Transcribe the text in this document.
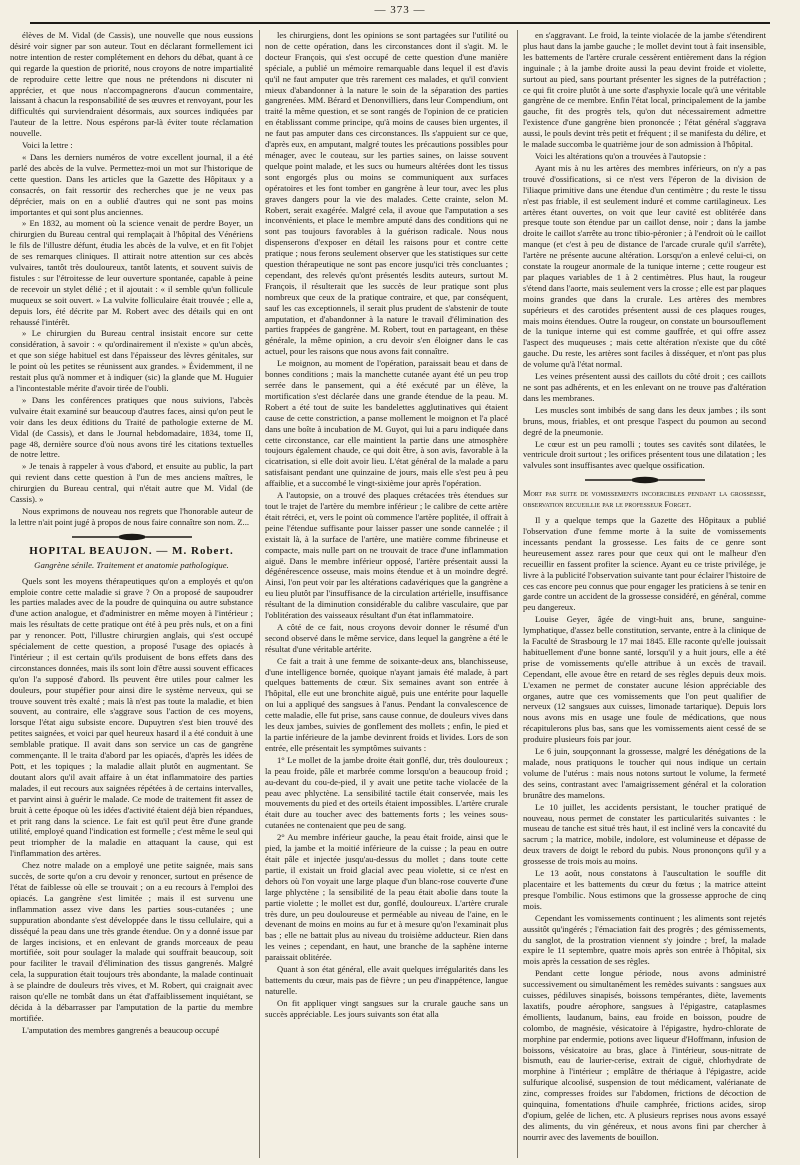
— 373 —

élèves de M. Vidal (de Cassis), une nouvelle que nous eussions désiré voir signer par son auteur. Tout en déclarant formellement ici notre intention de rester complétement en dehors du débat, quant à ce qui regarde la question de priorité, nous croyons de notre impartialité de reproduire cette lettre que nous ne prétendons ni discuter ni apprécier, et que nous n'accompagnerons d'aucun commentaire, laissant à chacun la responsabilité de ses œuvres et renvoyant, pour les difficultés qui surviendraient désormais, aux sources indiquées par l'auteur de la lettre. Nous espérons par-là éviter toute réclamation nouvelle.

Voici la lettre :

« Dans les derniers numéros de votre excellent journal, il a été parlé des abcès de la vulve. Permettez-moi un mot sur l'historique de cette question. Dans les articles que la Gazette des Hôpitaux y a consacrés, on fait ressortir des recherches que je ne veux pas déprécier, mais on en a oublié d'autres qui ne sont pas moins importantes et qui sont plus anciennes.

» En 1832, au moment où la science venait de perdre Boyer, un chirurgien du Bureau central qui remplaçait à l'hôpital des Vénériens le fils de l'illustre défunt, étudia les abcès de la vulve, et en fit l'objet de ses remarques cliniques. Il attirait notre attention sur ces abcès vulvaires, tantôt très douloureux, tantôt latents, et souvent suivis de fistules : sur l'étroitesse de leur ouverture spontanée, capable à peine de recevoir un stylet délié ; et il ajoutait : « il semble qu'un follicule muqueux se soit ouvert. » La vulvite folliculaire était trouvée ; elle a, depuis lors, été décrite par M. Robert avec des détails qui en ont rehaussé l'intérêt.

» Le chirurgien du Bureau central insistait encore sur cette considération, à savoir : « qu'ordinairement il n'existe » qu'un abcès, et que son siége habituel est dans l'épaisseur des lèvres génitales, sur le point où les petites se réunissent aux grandes. » Évidemment, il ne restait plus qu'à nommer et à indiquer (sic) la glande que M. Huguier a l'incontestable mérite d'avoir tirée de l'oubli.

» Dans les conférences pratiques que nous suivions, l'abcès vulvaire était examiné sur beaucoup d'autres faces, ainsi qu'on peut le voir dans les deux éditions du Traité de pathologie externe de M. Vidal (de Cassis), et dans le Journal hebdomadaire, 1834, tome II, page 48, dernière source d'où nous avons tiré les citations textuelles de notre lettre.

» Je tenais à rappeler à vous d'abord, et ensuite au public, la part qui revient dans cette question à l'un de mes anciens maîtres, le chirurgien du Bureau central, qui n'était autre que M. Vidal (de Cassis). »

Nous exprimons de nouveau nos regrets que l'honorable auteur de la lettre n'ait point jugé à propos de nous faire connaître son nom. Z...

HOPITAL BEAUJON. — M. Robert.
Gangrène sénile. Traitement et anatomie pathologique.

Quels sont les moyens thérapeutiques qu'on a employés et qu'on emploie contre cette maladie si grave ? On a proposé de saupoudrer les parties malades avec de la poudre de quinquina ou autre substance d'une action analogue, et d'administrer en même moyen à l'intérieur ; mais les résultats de cette pratique ont été à peu près nuls, et on a fini par y renoncer. Pott, l'illustre chirurgien anglais, qui s'est occupé spécialement de cette question, a proposé l'usage des opiacés à l'intérieur ; il est certain qu'ils produisent de bons effets dans des circonstances données, mais ils sont loin d'être aussi souvent efficaces qu'on l'a supposé d'abord. Ils peuvent être utiles pour calmer les douleurs, pour stupéfier pour ainsi dire le système nerveux, qui se trouve souvent très exalté ; mais là n'est pas toute la maladie, et bien souvent, au contraire, elle s'aggrave sous l'action de ces moyens, lorsque l'état aigu subsiste encore. Dupuytren s'est bien trouvé des petites saignées, et voici par quel heureux hasard il a été conduit à une semblable pratique. Il avait dans son service un cas de gangrène commençante. Il le traita d'abord par les opiacés, d'après les idées de Pott, et les topiques ; la maladie allait plutôt en augmentant. Se doutant alors qu'il avait affaire à un état inflammatoire des parties malades, il eut recours aux saignées répétées à de certains intervalles, et parvint ainsi à guérir le malade. Ce mode de traitement fit assez de bruit à cette époque où les idées d'activité étaient déjà bien répandues, et prit rang dans la science. Le fait est qu'il peut être d'une grande utilité, employé quand l'indication est formelle ; c'est même le seul qui peut triompher de la maladie en attaquant la cause, qui est l'inflammation des artères.

Chez notre malade on a employé une petite saignée, mais sans succès, de sorte qu'on a cru devoir y renoncer, surtout en présence de l'état de faiblesse où elle se trouvait ; on a eu recours à l'emploi des opiacés. La gangrène s'est limitée ; mais il est survenu une inflammation assez vive dans les parties sous-cutanées ; une suppuration abondante s'est développée dans le tissu cellulaire, qui a disséqué la peau dans une très grande étendue. On y a donné issue par de larges incisions, et en enlevant de grands morceaux de peau mortifiée, soit pour soulager la malade qui souffrait beaucoup, soit pour faciliter le travail d'élimination des tissus gangrenés. Malgré cela, la suppuration était toujours très abondante, la malade continuait à se plaindre de douleurs très vives, et M. Robert, qui craignait avec raison qu'elle ne tombât dans un état d'affaiblissement inquiétant, se décida à la débarrasser par l'amputation de la partie du membre mortifiée.

L'amputation des membres gangrenés a beaucoup occupé

les chirurgiens, dont les opinions se sont partagées sur l'utilité ou non de cette opération, dans les circonstances dont il s'agit. M. le docteur François, qui s'est occupé de cette question d'une manière spéciale, a publié un mémoire remarquable dans lequel il est d'avis qu'il ne faut amputer que très rarement ces malades, et qu'il convient mieux d'abandonner à la nature le soin de la séparation des parties gangrenées. MM. Bérard et Denonvilliers, dans leur Compendium, ont traité la même question, et se sont rangés de l'opinion de ce praticien en établissant comme principe, qu'à moins de causes bien urgentes, il ne faut pas amputer dans ces circonstances. Ils s'appuient sur ce que, d'après eux, en amputant, malgré toutes les précautions possibles pour ménager, avec le couteau, sur les parties saines, on laisse souvent quelque point malade, et les sucs ou humeurs altérées dont les tissus sont engorgés plus ou moins se communiquent aux surfaces opératoires et les font tomber en gangrène à leur tour, avec les plus graves dangers pour la vie des malades. Cette crainte, selon M. Robert, serait exagérée. Malgré cela, il avoue que l'amputation a ses inconvénients, et place le membre amputé dans des conditions qui ne sont pas toujours favorables à la guérison radicale. Nous nous dispenserons d'exposer en détail les raisons pour et contre cette pratique ; nous ferons seulement observer que les statistiques sur cette question thérapeutique ne sont pas encore jusqu'ici très concluantes ; cependant, des relevés qu'ont présentés lesdits auteurs, surtout M. François, il résulterait que les succès de leur pratique sont plus nombreux que ceux de la pratique contraire, et que, par conséquent, sauf les cas exceptionnels, il serait plus prudent de s'abstenir de toute amputation, et d'abandonner à la nature le travail d'élimination des parties frappées de gangrène. M. Robert, tout en partageant, en thèse générale, la même opinion, a cru devoir s'en éloigner dans le cas actuel, pour les raisons que nous avons fait connaître.

Le moignon, au moment de l'opération, paraissait beau et dans de bonnes conditions ; mais la manchette cutanée ayant été un peu trop serrée dans le pansement, qui a été exécuté par un élève, la mortification s'est déclarée dans une grande étendue de la peau. M. Robert a été tout de suite les bandelettes agglutinatives qui étaient cause de cette constriction, a panse mollement le moignon et l'a placé dans une boîte à incubation de M. Guyot, qui lui a paru indiquée dans cette circonstance, car elle maintient la partie dans une atmosphère toujours également chaude, ce qui doit être, à son avis, favorable à la cicatrisation, si elle doit avoir lieu. L'état général de la malade a paru satisfaisant pendant une quinzaine de jours, mais elle s'est peu à peu affaiblie, et a succombé le vingt-sixième jour après l'opération.

A l'autopsie, on a trouvé des plaques crétacées très étendues sur tout le trajet de l'artère du membre inférieur ; le calibre de cette artère était rétréci, et, vers le point où commence l'artère poplitée, il offrait à peine l'étendue suffisante pour laisser passer une sonde cannelée ; il existait là, à la surface de l'artère, une matière comme fibrineuse et compacte, mais nulle part on ne trouvait de trace d'une inflammation aiguë. Dans le membre inférieur opposé, l'artère présentait aussi la dégénérescence osseuse, mais moins étendue et à un moindre degré. Ainsi, l'on peut voir par les altérations cadavériques que la gangrène a eu lieu plutôt par l'insuffisance de la circulation artérielle, insuffisance résultant de la diminution considérable du calibre vasculaire, que par l'oblitération des vaisseaux résultant d'un état inflammatoire.

A côté de ce fait, nous croyons devoir donner le résumé d'un second observé dans le même service, dans lequel la gangrène a été le résultat d'une véritable artérite.

Ce fait a trait à une femme de soixante-deux ans, blanchisseuse, d'une intelligence bornée, quoique n'ayant jamais été malade, à part quelques battements de cœur. Six semaines avant son entrée à l'hôpital, elle eut une bronchite aiguë, puis une entérite pour laquelle on lui a appliqué des sangsues à l'anus. Pendant la convalescence de cette maladie, elle fut prise, sans cause connue, de douleurs vives dans les deux jambes, suivies de gonflement des mollets ; enfin, le pied et la partie inférieure de la jambe devinrent froids et livides. Lors de son entrée, elle présentait les symptômes suivants :

1° Le mollet de la jambe droite était gonflé, dur, très douloureux ; la peau froide, pâle et marbrée comme lorsqu'on a beaucoup froid ; au-devant du cou-de-pied, il y avait une petite tache violacée de la peau avec phlyctène. La sensibilité tactile était conservée, mais les mouvements du pied et des orteils étaient impossibles. L'artère crurale était dure au toucher avec des battements forts ; les veines sous-cutanées ne contenaient que peu de sang.

2° Au membre inférieur gauche, la peau était froide, ainsi que le pied, la jambe et la moitié inférieure de la cuisse ; la peau en outre était pâle et injectée jusqu'au-dessus du mollet ; dans toute cette partie, il existait un froid glacial avec peau violette, si ce n'est en dehors où l'on voyait une large plaque d'un blanc-rose couverte d'une large phlyctène ; la sensibilité de la peau était abolie dans toute la partie violette ; le mollet est dur, gonflé, douloureux. L'artère crurale très dure, un peu douloureuse et perméable au niveau de l'aine, en le devenant de moins en moins au fur et à mesure qu'on l'examinait plus bas ; elle ne battait plus au niveau du troisième adducteur. Rien dans les veines ; cependant, en haut, une branche de la saphène interne paraissait oblitérée.

Quant à son état général, elle avait quelques irrégularités dans les battements du cœur, mais pas de fièvre ; un peu d'inappétence, langue naturelle.

On fit appliquer vingt sangsues sur la crurale gauche sans un succès appréciable. Les jours suivants son état alla

en s'aggravant. Le froid, la teinte violacée de la jambe s'étendirent plus haut dans la jambe gauche ; le mollet devint tout à fait insensible, les battements de l'artère crurale cessèrent entièrement dans la région inguinale ; à la jambe droite aussi la peau devint froide et violette, surtout au pied, sans pourtant présenter les signes de la putréfaction ; ce qui fit croire plutôt à une sorte d'asphyxie locale qu'à une véritable gangrène de ce membre. Enfin l'état local, principalement de la jambe gauche, fit des progrès tels, qu'on dut nécessairement admettre l'existence d'une gangrène bien prononcée ; l'état général s'aggrava aussi, le pouls devint très petit et fréquent ; il se manifesta du délire, et le malade succomba le quatrième jour de son admission à l'hôpital.

Voici les altérations qu'on a trouvées à l'autopsie :

Ayant mis à nu les artères des membres inférieurs, on n'y a pas trouvé d'ossifications, si ce n'est vers l'éperon de la division de l'iliaque primitive dans une étendue d'un centimètre ; du reste le tissu n'est pas friable, il est seulement induré et comme cartilagineux. Les artères étant ouvertes, on voit que leur cavité est oblitérée dans presque toute son étendue par un caillot dense, noir ; dans la jambe droite le caillot s'arrête au tronc tibio-péronier ; à l'endroit où le caillot manque (et c'est à peu de distance de l'arcade crurale qu'il s'arrête), l'artère ne présente aucune altération. Lorsqu'on a enlevé celui-ci, on constate la rougeur anormale de la tunique interne ; cette rougeur est par plaques variables de 1 à 2 centimètres. Plus haut, la rougeur s'étend dans l'aorte, mais seulement vers la crosse ; elle est par plaques moins grandes que dans la crurale. Les artères des membres supérieurs et des carotides présentent aussi de ces plaques rouges, mais moins étendues. Outre la rougeur, on constate un boursouflement de la tunique interne qui est comme gauffrée, et qui offre assez l'aspect des muqueuses ; mais cette altération n'existe que du côté gauche. Du reste, les artères sont faciles à disséquer, et n'ont pas plus de volume qu'à l'état normal.

Les veines présentent aussi des caillots du côté droit ; ces caillots ne sont pas adhérents, et en les enlevant on ne trouve pas d'altération dans les membranes.

Les muscles sont imbibés de sang dans les deux jambes ; ils sont bruns, mous, friables, et ont presque l'aspect du poumon au second degré de la pneumonie.

Le cœur est un peu ramolli ; toutes ses cavités sont dilatées, le ventricule droit surtout ; les orifices présentent tous une dilatation ; les valvules sont insuffisantes avec quelque ossification.

Mort par suite de vomissements incoercibles pendant la grossesse, observation recueillie par le professeur Forget.

Il y a quelque temps que la Gazette des Hôpitaux a publié l'observation d'une femme morte à la suite de vomissements incessants pendant la grossesse. Les faits de ce genre sont heureusement assez rares pour que ceux qui ont le malheur d'en recueillir en fassent profiter la science. Ayant eu ce triste privilége, je livre à la publicité l'observation suivante tant pour éclairer l'histoire de ces cas encore peu connus que pour engager les praticiens à se tenir en garde contre un accident de la grossesse considéré, en général, comme peu dangereux.

Louise Geyer, âgée de vingt-huit ans, brune, sanguine-lymphatique, d'assez belle constitution, servante, entre à la clinique de la Faculté de Strasbourg le 17 mai 1845. Elle raconte qu'elle jouissait habituellement d'une bonne santé, lorsqu'il y a huit jours, elle a été prise de vomissements qu'elle attribue à un excès de travail. Cependant, elle avoue être en retard de ses règles depuis deux mois. L'examen ne permet de constater aucune lésion appréciable des organes, autre que ces vomissements que l'on peut qualifier de nerveux (12 sangsues aux cuisses, limonade tartarique). Depuis lors nous avons mis en usage une foule de médications, que nous récapitulerons plus bas, sans que les vomissements aient cessé de se produire plusieurs fois par jour.

Le 6 juin, soupçonnant la grossesse, malgré les dénégations de la malade, nous pratiquons le toucher qui nous indique un certain volume de l'utérus : mais nous notons surtout le volume, la fermeté des seins, contrastant avec l'amaigrissement général et la coloration brunâtre des mamelons.

Le 10 juillet, les accidents persistant, le toucher pratiqué de nouveau, nous permet de constater les particularités suivantes : le museau de tanche est situé très haut, il est incliné vers la concavité du sacrum ; la matrice, mobile, indolore, est volumineuse et dépasse de deux travers de doigt le rebord du pubis. Nous prononçons qu'il y a grossesse de trois mois au moins.

Le 13 août, nous constatons à l'auscultation le souffle dit placentaire et les battements du cœur du fœtus ; la matrice atteint presque l'ombilic. Nous estimons que la grossesse approche de cinq mois.

Cependant les vomissements continuent ; les aliments sont rejetés aussitôt qu'ingérés ; l'émaciation fait des progrès ; des gémissements, du sanglot, de la prostration viennent s'y joindre ; bref, la malade expire le 11 septembre, quatre mois après son entrée à l'hôpital, six mois après la cessation de ses règles.

Pendant cette longue période, nous avons administré successivement ou simultanément les remèdes suivants : sangsues aux cuisses, pédiluves sinapisés, boissons tempérantes, diète, lavements laxatifs, poudre aérophore, sangsues à l'épigastre, cataplasmes émollients, laudanum, bains, eau froide en boisson, poudre de colombo, de magnésie, vésicatoire à l'épigastre, hydro-chlorate de morphine par endermie, potions avec liqueur d'Hoffmann, infusion de boissons, vésicatoire au bras, glace à l'intérieur, sous-nitrate de bismuth, eau de laurier-cerise, extrait de ciguë, chlorhydrate de morphine à l'intérieur ; emplâtre de thériaque à l'épigastre, acide sulfurique alcoolisé, suspension de tout médicament, valérianate de zinc, compresses froides sur l'abdomen, frictions de décoction de quinquina, fomentations d'huile camphrée, frictions acides, sirop d'opium, gelée de lichen, etc. A plusieurs reprises nous avons essayé des aliments, du vin généreux, et nous avons fini par chercher à nourrir avec des lavements de bouillon.
